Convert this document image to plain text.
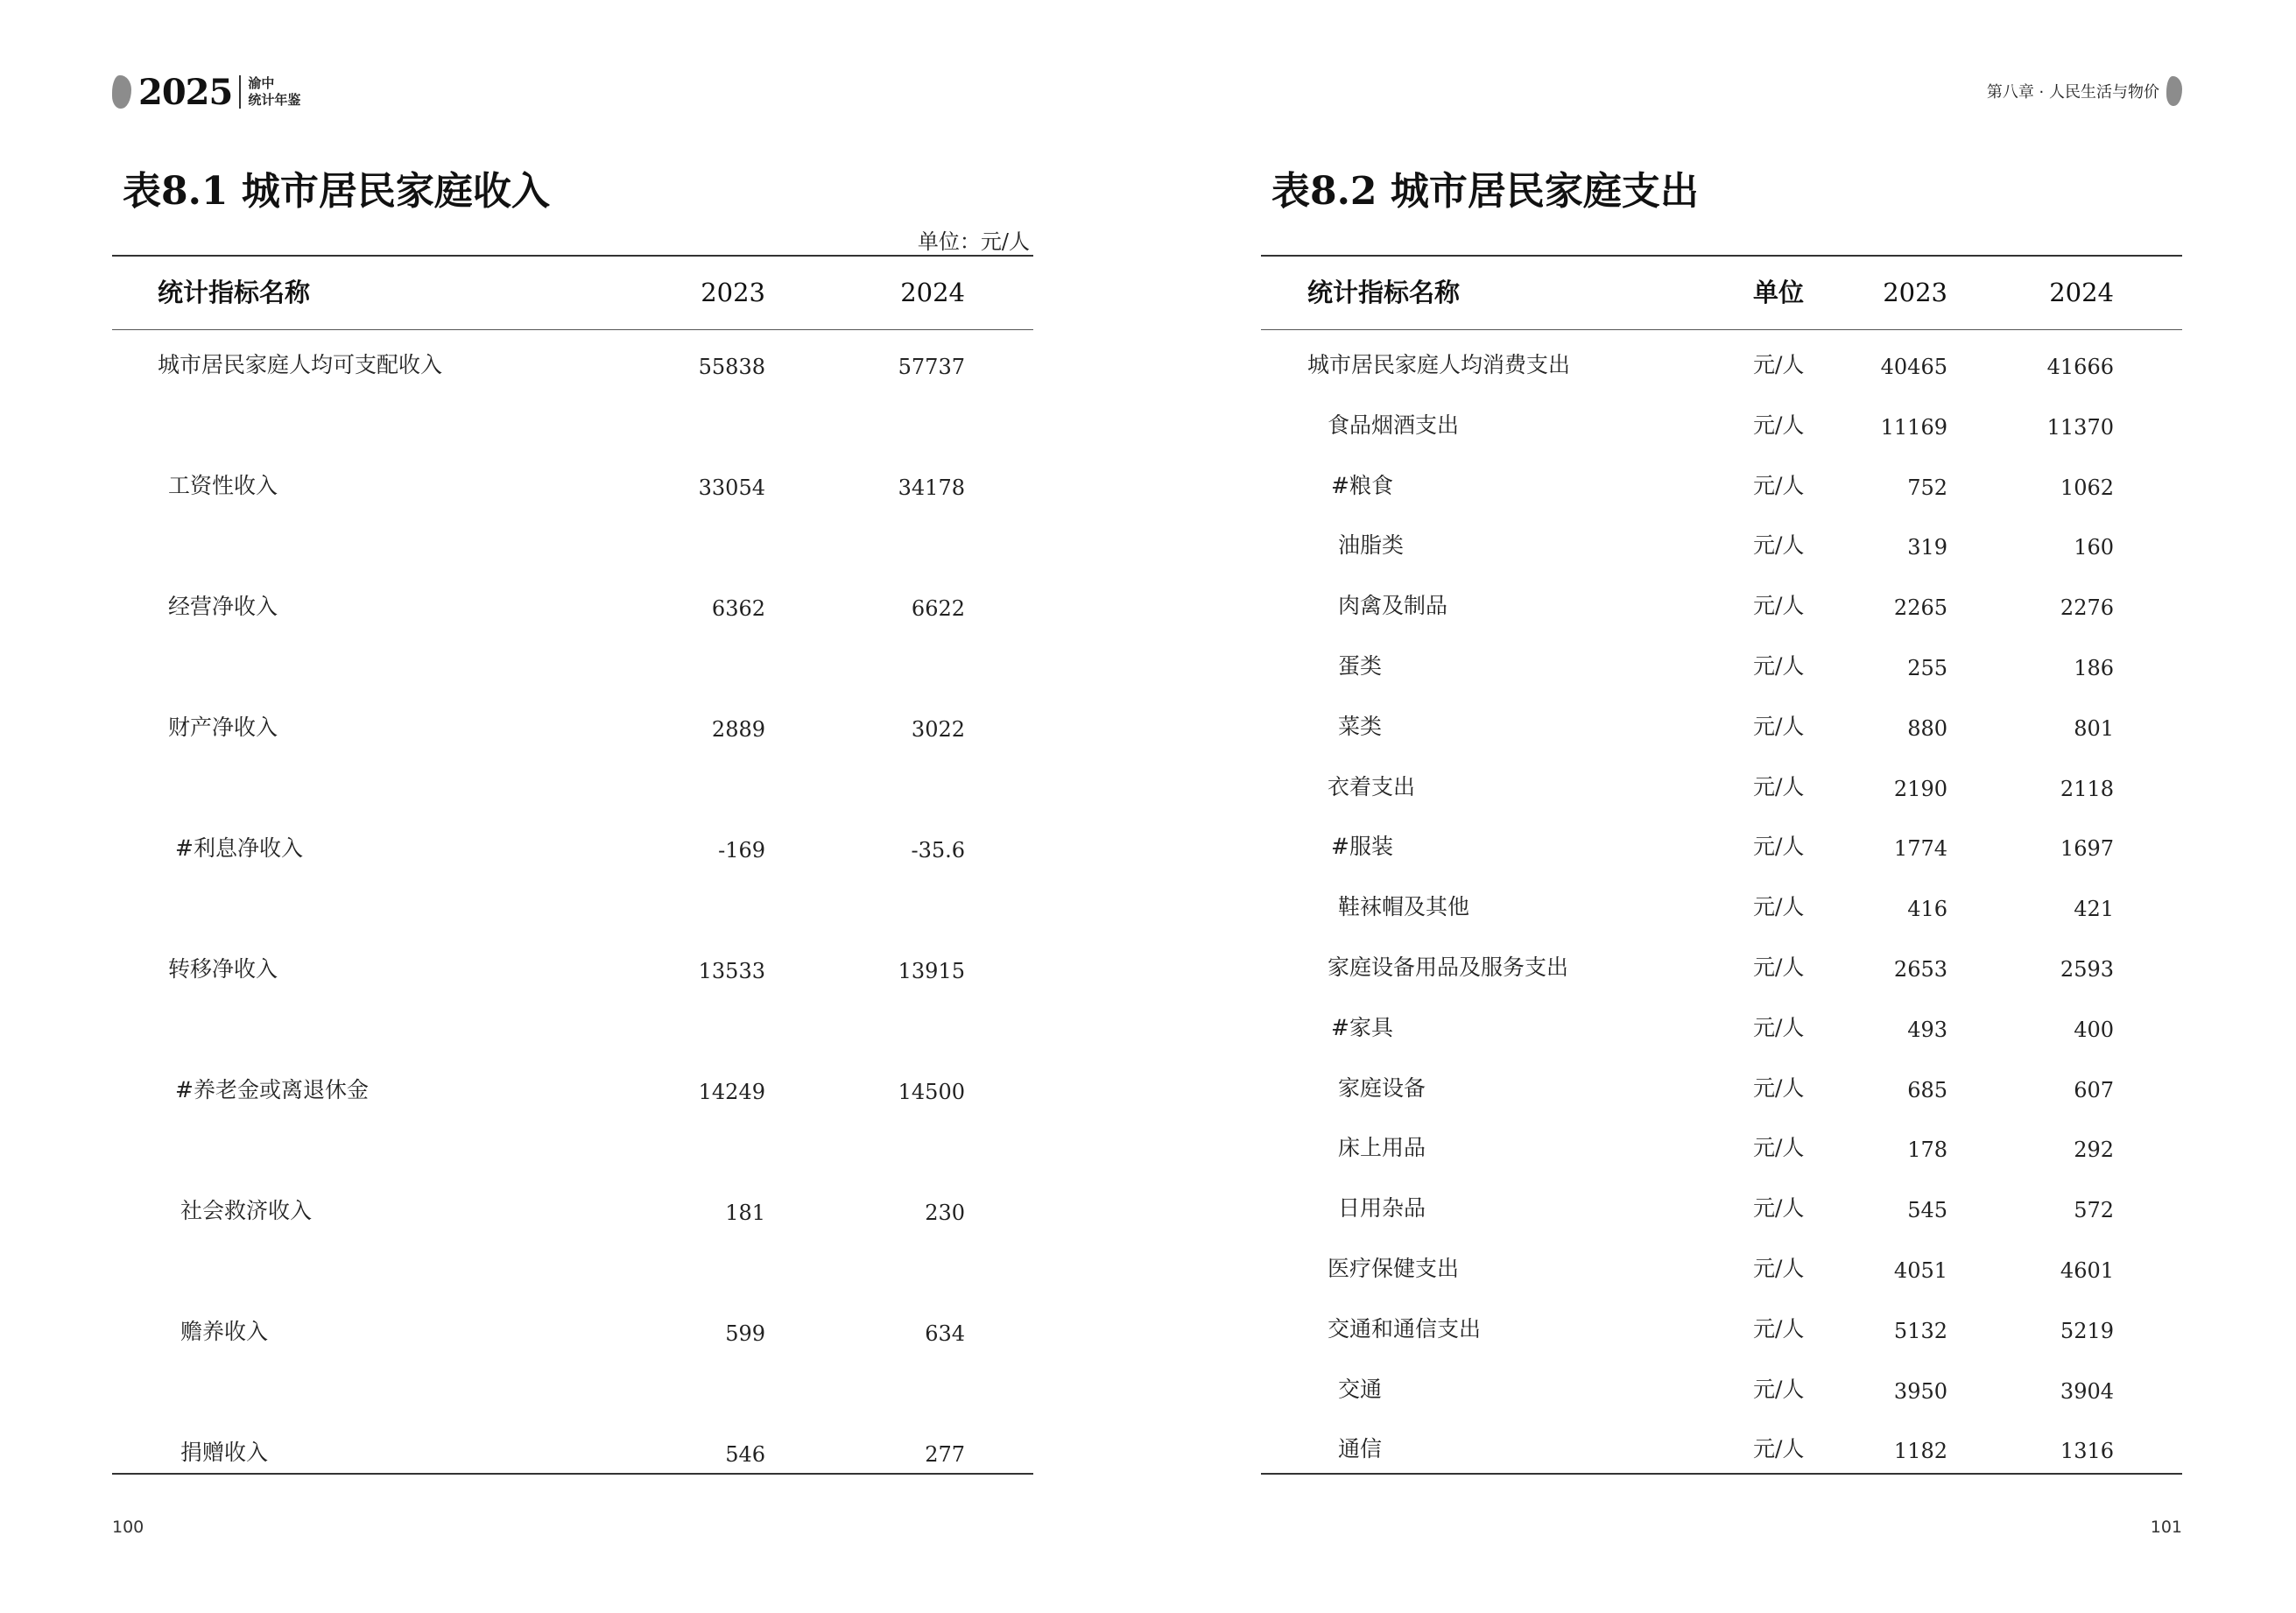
2025 渝中
统计年鉴	第八章 · 人民生活与物价
表8.1 城市居民家庭收入
单位：元/人
统计指标名称	2023	2024
城市居民家庭人均可支配收入	55838	57737
工资性收入	33054	34178
经营净收入	6362	6622
财产净收入	2889	3022
#利息净收入	-169	-35.6
转移净收入	13533	13915
#养老金或离退休金	14249	14500
社会救济收入	181	230
赡养收入	599	634
捐赠收入	546	277
表8.2 城市居民家庭支出
统计指标名称	单位	2023	2024
城市居民家庭人均消费支出	元/人	40465	41666
食品烟酒支出	元/人	11169	11370
#粮食	元/人	752	1062
油脂类	元/人	319	160
肉禽及制品	元/人	2265	2276
蛋类	元/人	255	186
菜类	元/人	880	801
衣着支出	元/人	2190	2118
#服装	元/人	1774	1697
鞋袜帽及其他	元/人	416	421
家庭设备用品及服务支出	元/人	2653	2593
#家具	元/人	493	400
家庭设备	元/人	685	607
床上用品	元/人	178	292
日用杂品	元/人	545	572
医疗保健支出	元/人	4051	4601
交通和通信支出	元/人	5132	5219
交通	元/人	3950	3904
通信	元/人	1182	1316
100	101
